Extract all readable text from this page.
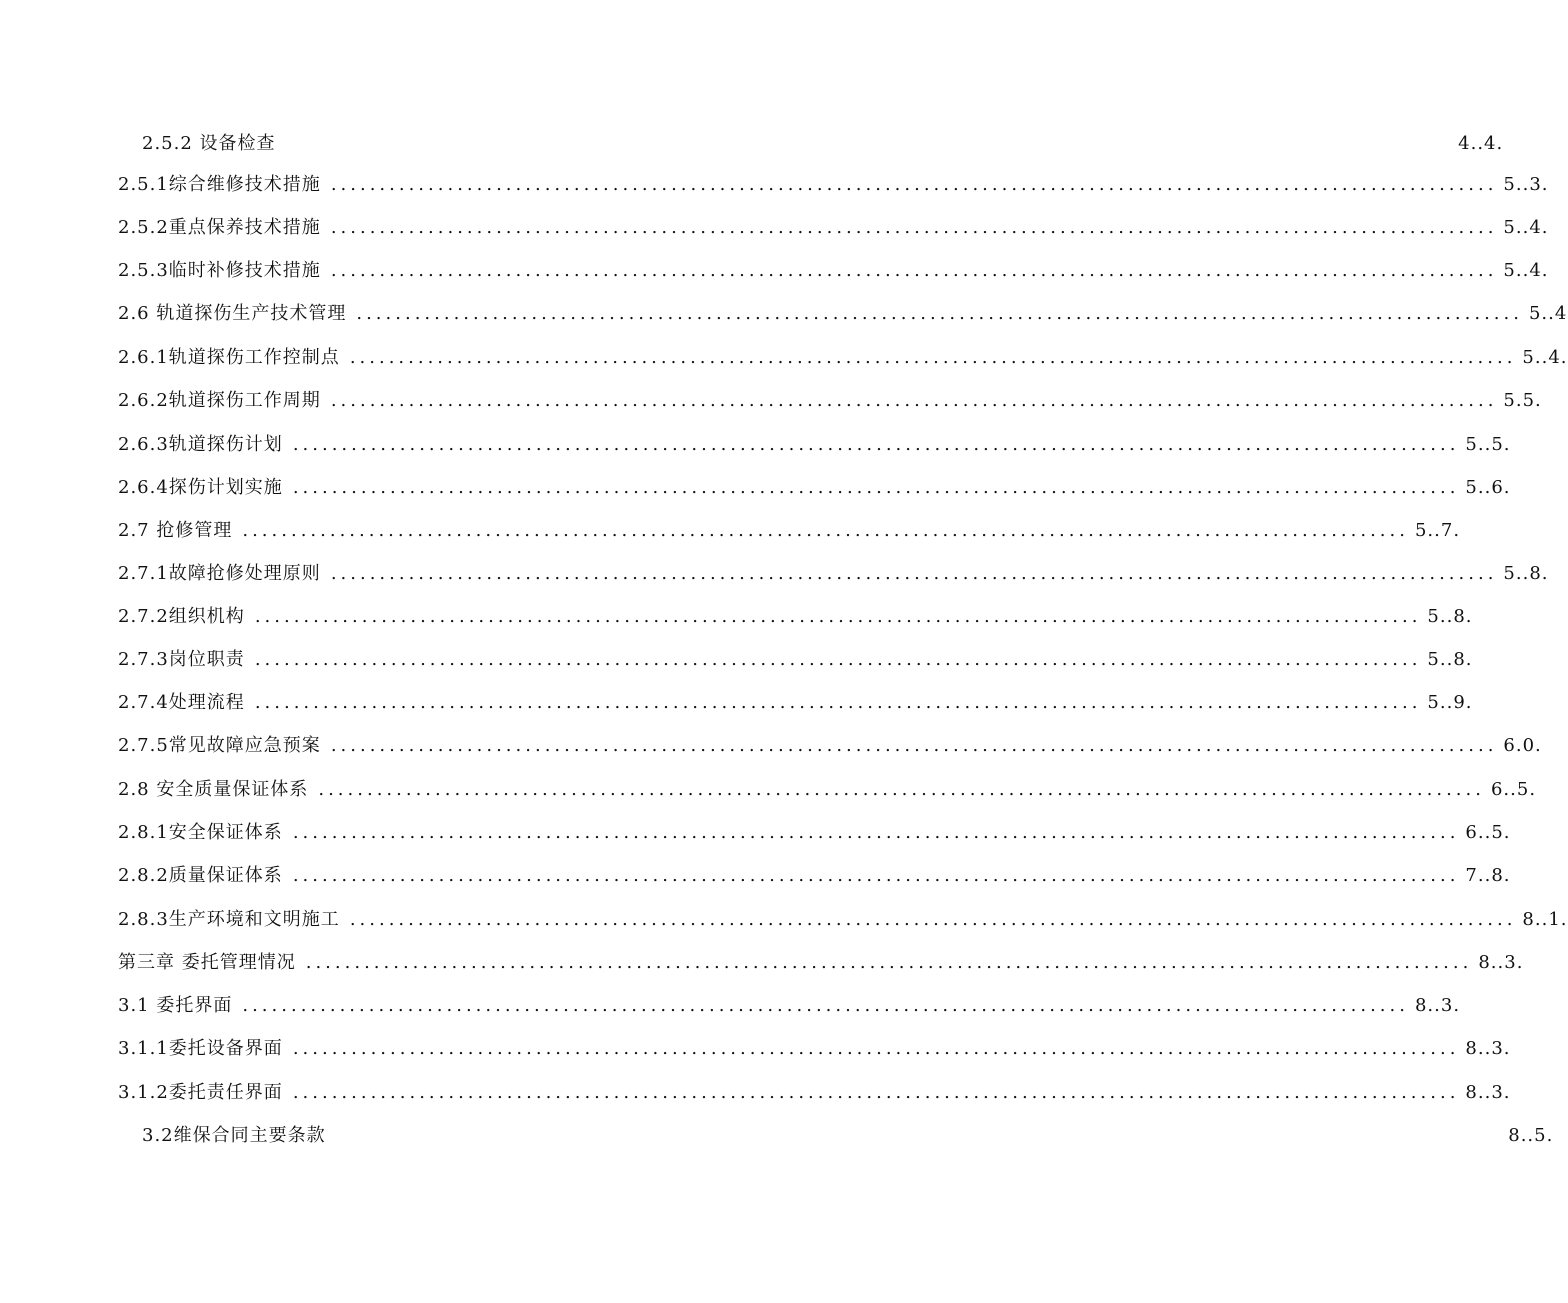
2.5.2 设备检查	4..4.
2.5.1综合维修技术措施 ........................................................................................................................ 5..3.
2.5.2重点保养技术措施 ........................................................................................................................ 5..4.
2.5.3临时补修技术措施 ........................................................................................................................ 5..4.
2.6 轨道探伤生产技术管理 ........................................................................................................................ 5..4
2.6.1轨道探伤工作控制点 ........................................................................................................................ 5..4.
2.6.2轨道探伤工作周期 ........................................................................................................................ 5.5.
2.6.3轨道探伤计划 ........................................................................................................................ 5..5.
2.6.4探伤计划实施 ........................................................................................................................ 5..6.
2.7 抢修管理 ........................................................................................................................ 5..7.
2.7.1故障抢修处理原则 ........................................................................................................................ 5..8.
2.7.2组织机构 ........................................................................................................................ 5..8.
2.7.3岗位职责 ........................................................................................................................ 5..8.
2.7.4处理流程 ........................................................................................................................ 5..9.
2.7.5常见故障应急预案 ........................................................................................................................ 6.0.
2.8 安全质量保证体系 ........................................................................................................................ 6..5.
2.8.1安全保证体系 ........................................................................................................................ 6..5.
2.8.2质量保证体系 ........................................................................................................................ 7..8.
2.8.3生产环境和文明施工 ........................................................................................................................ 8..1.
第三章 委托管理情况 ........................................................................................................................ 8..3.
3.1 委托界面 ........................................................................................................................ 8..3.
3.1.1委托设备界面 ........................................................................................................................ 8..3.
3.1.2委托责任界面 ........................................................................................................................ 8..3.
3.2维保合同主要条款	8..5.
